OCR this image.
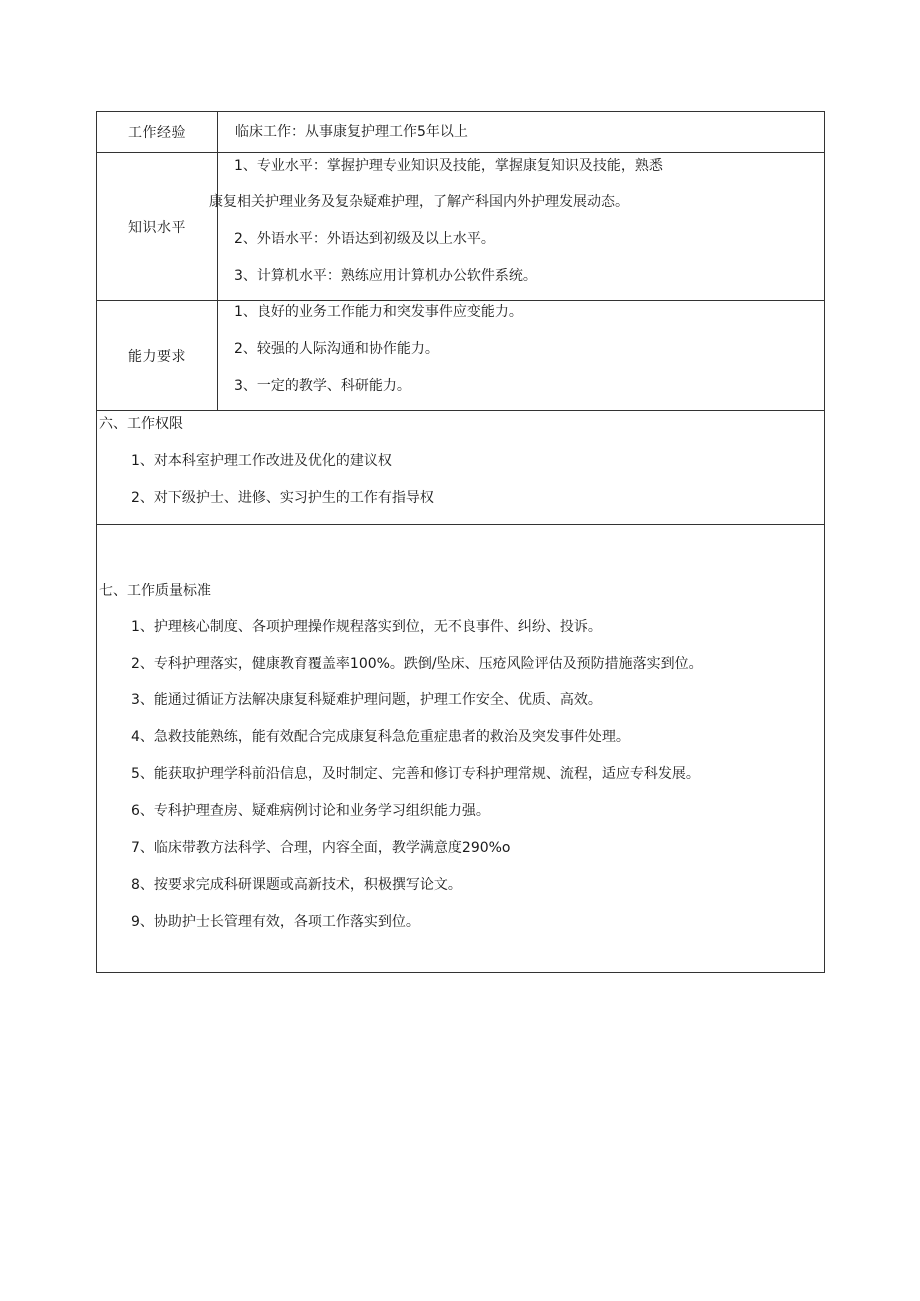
工作经验	临床工作：从事康复护理工作5年以上
知识水平
1、专业水平：掌握护理专业知识及技能，掌握康复知识及技能，熟悉
康复相关护理业务及复杂疑难护理，了解产科国内外护理发展动态。
2、外语水平：外语达到初级及以上水平。
3、计算机水平：熟练应用计算机办公软件系统。
能力要求
1、良好的业务工作能力和突发事件应变能力。
2、较强的人际沟通和协作能力。
3、一定的教学、科研能力。
六、工作权限
1、对本科室护理工作改进及优化的建议权
2、对下级护士、进修、实习护生的工作有指导权
七、工作质量标准
1、护理核心制度、各项护理操作规程落实到位，无不良事件、纠纷、投诉。
2、专科护理落实，健康教育覆盖率100%。跌倒/坠床、压疮风险评估及预防措施落实到位。
3、能通过循证方法解决康复科疑难护理问题，护理工作安全、优质、高效。
4、急救技能熟练，能有效配合完成康复科急危重症患者的救治及突发事件处理。
5、能获取护理学科前沿信息，及时制定、完善和修订专科护理常规、流程，适应专科发展。
6、专科护理查房、疑难病例讨论和业务学习组织能力强。
7、临床带教方法科学、合理，内容全面，教学满意度290%o
8、按要求完成科研课题或高新技术，积极撰写论文。
9、协助护士长管理有效，各项工作落实到位。
